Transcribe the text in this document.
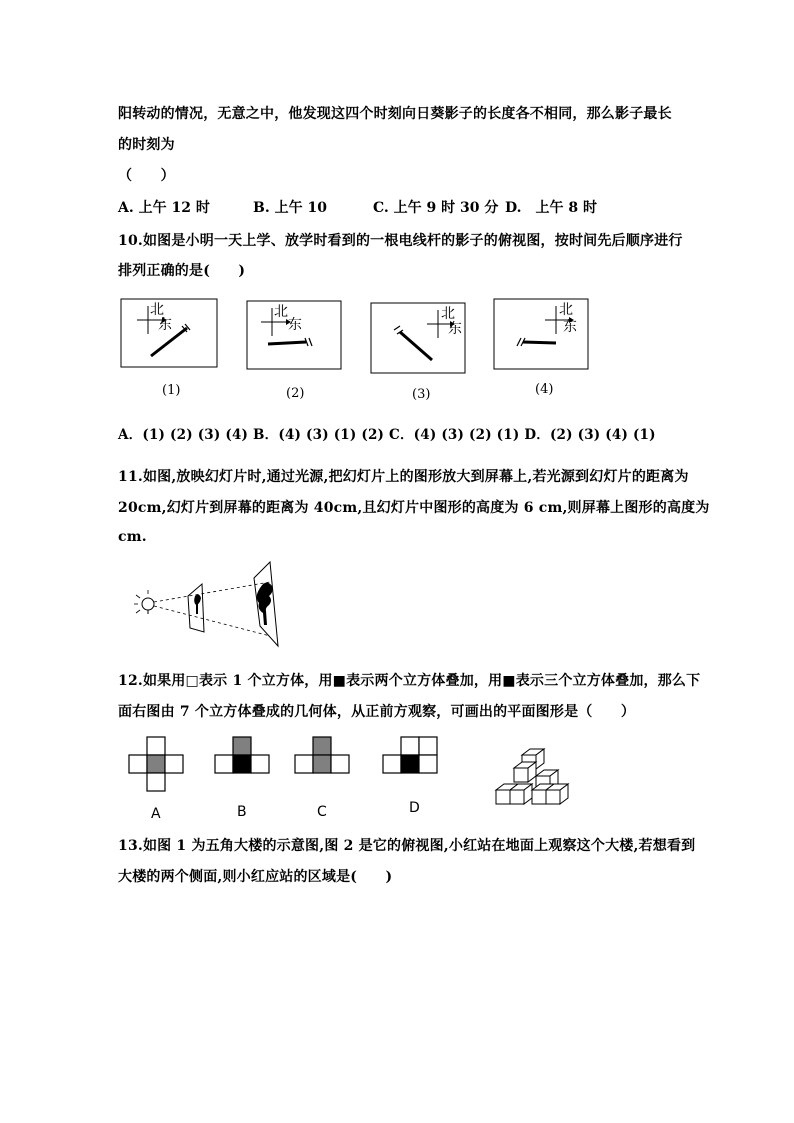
阳转动的情况，无意之中，他发现这四个时刻向日葵影子的长度各不相同，那么影子最长
的时刻为
（　　）
A. 上午 12 时	B. 上午 10	C. 上午 9 时 30 分 D.　上午 8 时
10.如图是小明一天上学、放学时看到的一根电线杆的影子的俯视图，按时间先后顺序进行
排列正确的是(　　)
北
东
(1)
北
东
(2)
北
东
(3)
北
东
(4)
A．(1) (2) (3) (4) B．(4) (3) (1) (2) C．(4) (3) (2) (1) D．(2) (3) (4) (1)
11.如图,放映幻灯片时,通过光源,把幻灯片上的图形放大到屏幕上,若光源到幻灯片的距离为
20cm,幻灯片到屏幕的距离为 40cm,且幻灯片中图形的高度为 6 cm,则屏幕上图形的高度为
cm.
12.如果用□表示 1 个立方体，用■表示两个立方体叠加，用■表示三个立方体叠加，那么下
面右图由 7 个立方体叠成的几何体，从正前方观察，可画出的平面图形是（　　）
A	B	C	D
13.如图 1 为五角大楼的示意图,图 2 是它的俯视图,小红站在地面上观察这个大楼,若想看到
大楼的两个侧面,则小红应站的区域是(　　)
